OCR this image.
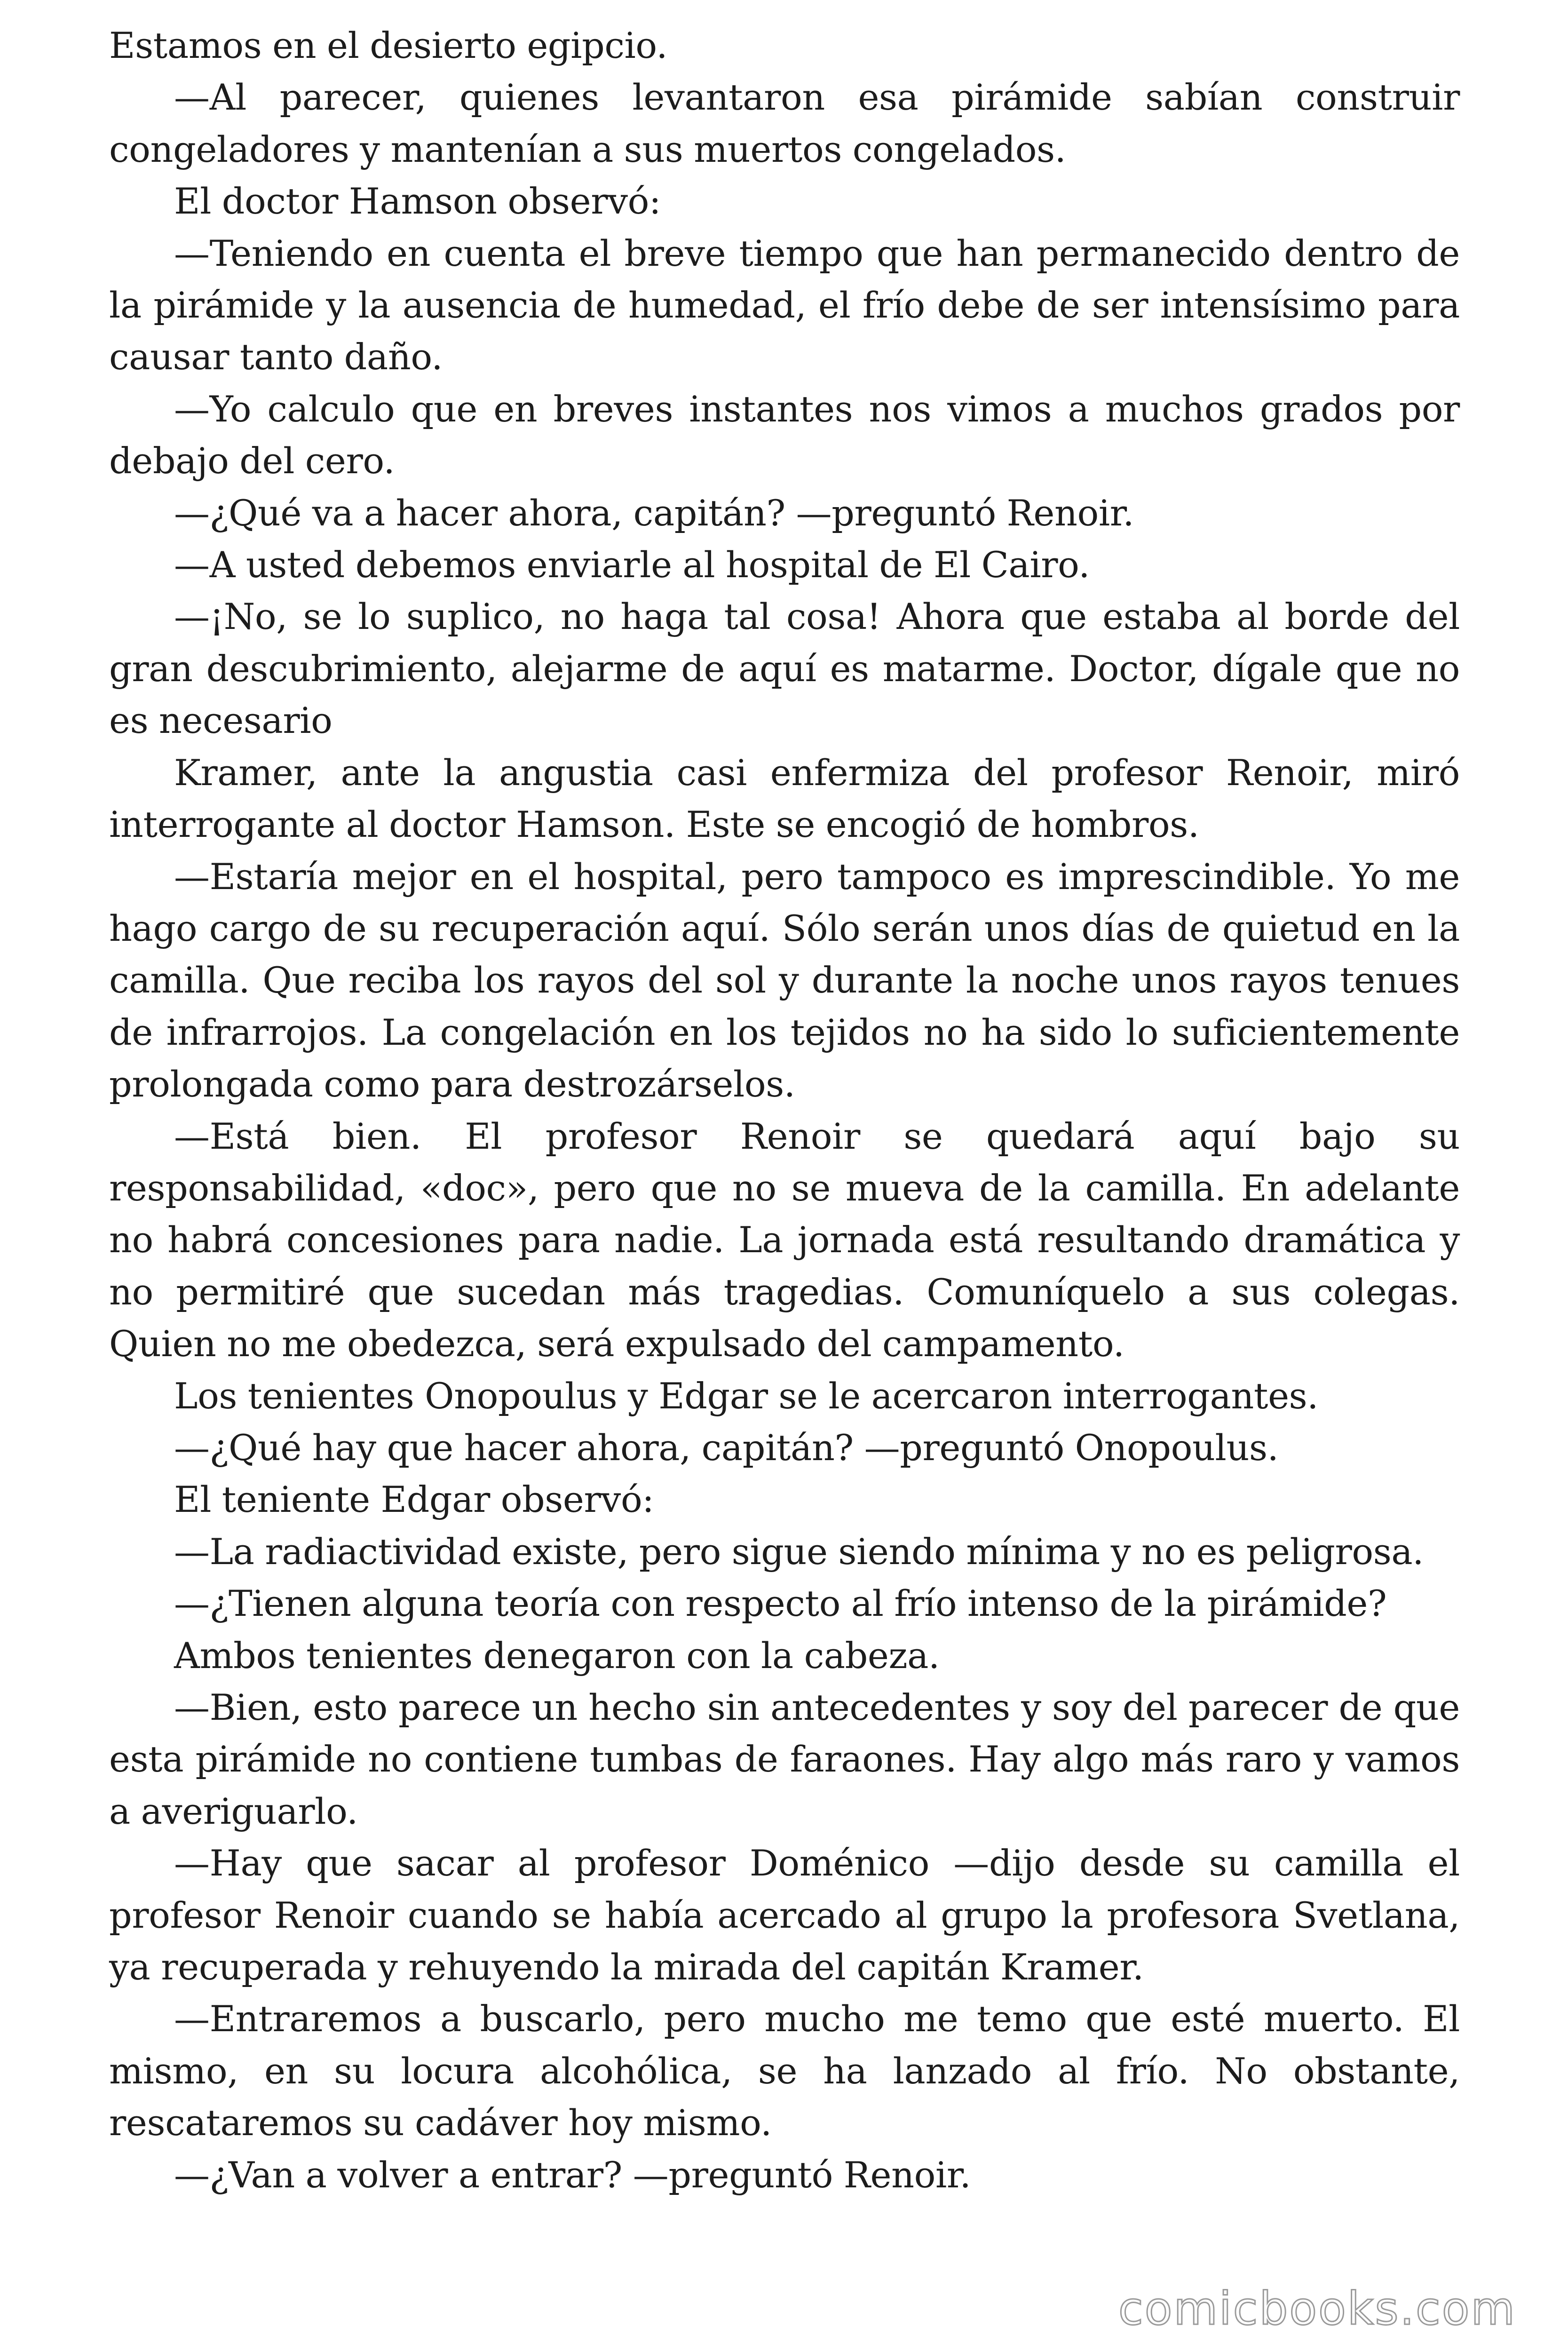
Estamos en el desierto egipcio.

—Al parecer, quienes levantaron esa pirámide sabían construir congeladores y mantenían a sus muertos congelados.

El doctor Hamson observó:

—Teniendo en cuenta el breve tiempo que han permanecido dentro de la pirámide y la ausencia de humedad, el frío debe de ser intensísimo para causar tanto daño.

—Yo calculo que en breves instantes nos vimos a muchos grados por debajo del cero.

—¿Qué va a hacer ahora, capitán? —preguntó Renoir.

—A usted debemos enviarle al hospital de El Cairo.

—¡No, se lo suplico, no haga tal cosa! Ahora que estaba al borde del gran descubrimiento, alejarme de aquí es matarme. Doctor, dígale que no es necesario

Kramer, ante la angustia casi enfermiza del profesor Renoir, miró interrogante al doctor Hamson. Este se encogió de hombros.

—Estaría mejor en el hospital, pero tampoco es imprescindible. Yo me hago cargo de su recuperación aquí. Sólo serán unos días de quietud en la camilla. Que reciba los rayos del sol y durante la noche unos rayos tenues de infrarrojos. La congelación en los tejidos no ha sido lo suficientemente prolongada como para destrozárselos.

—Está bien. El profesor Renoir se quedará aquí bajo su responsabilidad, «doc», pero que no se mueva de la camilla. En adelante no habrá concesiones para nadie. La jornada está resultando dramática y no permitiré que sucedan más tragedias. Comuníquelo a sus colegas. Quien no me obedezca, será expulsado del campamento.

Los tenientes Onopoulus y Edgar se le acercaron interrogantes.

—¿Qué hay que hacer ahora, capitán? —preguntó Onopoulus.

El teniente Edgar observó:

—La radiactividad existe, pero sigue siendo mínima y no es peligrosa.

—¿Tienen alguna teoría con respecto al frío intenso de la pirámide?

Ambos tenientes denegaron con la cabeza.

—Bien, esto parece un hecho sin antecedentes y soy del parecer de que esta pirámide no contiene tumbas de faraones. Hay algo más raro y vamos a averiguarlo.

—Hay que sacar al profesor Doménico —dijo desde su camilla el profesor Renoir cuando se había acercado al grupo la profesora Svetlana, ya recuperada y rehuyendo la mirada del capitán Kramer.

—Entraremos a buscarlo, pero mucho me temo que esté muerto. El mismo, en su locura alcohólica, se ha lanzado al frío. No obstante, rescataremos su cadáver hoy mismo.

—¿Van a volver a entrar? —preguntó Renoir.

comicbooks.com
